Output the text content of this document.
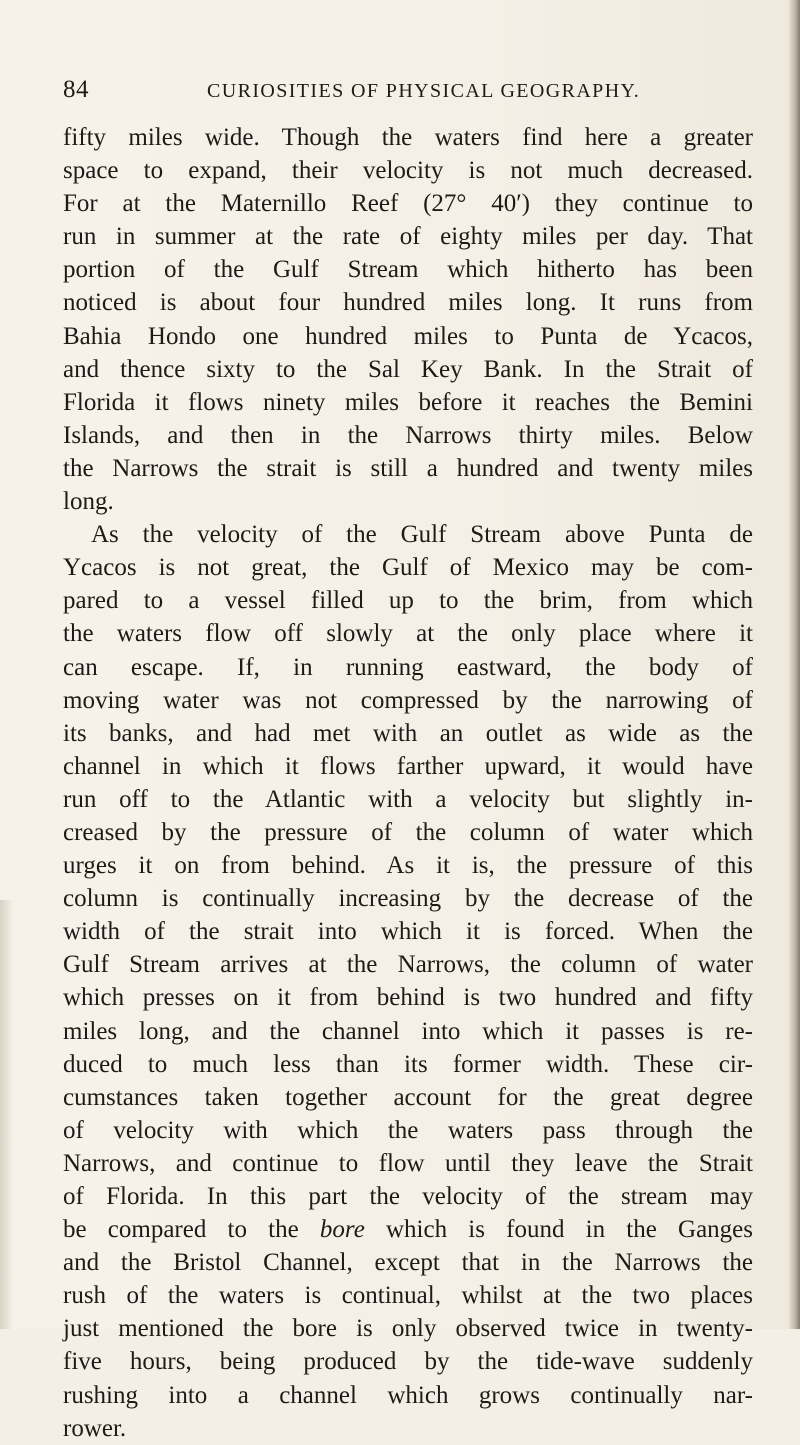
84	CURIOSITIES OF PHYSICAL GEOGRAPHY.

fifty miles wide. Though the waters find here a greater
space to expand, their velocity is not much decreased.
For at the Maternillo Reef (27° 40′) they continue to
run in summer at the rate of eighty miles per day. That
portion of the Gulf Stream which hitherto has been
noticed is about four hundred miles long. It runs from
Bahia Hondo one hundred miles to Punta de Ycacos,
and thence sixty to the Sal Key Bank. In the Strait of
Florida it flows ninety miles before it reaches the Bemini
Islands, and then in the Narrows thirty miles. Below
the Narrows the strait is still a hundred and twenty miles
long.

As the velocity of the Gulf Stream above Punta de
Ycacos is not great, the Gulf of Mexico may be com-
pared to a vessel filled up to the brim, from which
the waters flow off slowly at the only place where it
can escape. If, in running eastward, the body of
moving water was not compressed by the narrowing of
its banks, and had met with an outlet as wide as the
channel in which it flows farther upward, it would have
run off to the Atlantic with a velocity but slightly in-
creased by the pressure of the column of water which
urges it on from behind. As it is, the pressure of this
column is continually increasing by the decrease of the
width of the strait into which it is forced. When the
Gulf Stream arrives at the Narrows, the column of water
which presses on it from behind is two hundred and fifty
miles long, and the channel into which it passes is re-
duced to much less than its former width. These cir-
cumstances taken together account for the great degree
of velocity with which the waters pass through the
Narrows, and continue to flow until they leave the Strait
of Florida. In this part the velocity of the stream may
be compared to the bore which is found in the Ganges
and the Bristol Channel, except that in the Narrows the
rush of the waters is continual, whilst at the two places
just mentioned the bore is only observed twice in twenty-
five hours, being produced by the tide-wave suddenly
rushing into a channel which grows continually nar-
rower.
